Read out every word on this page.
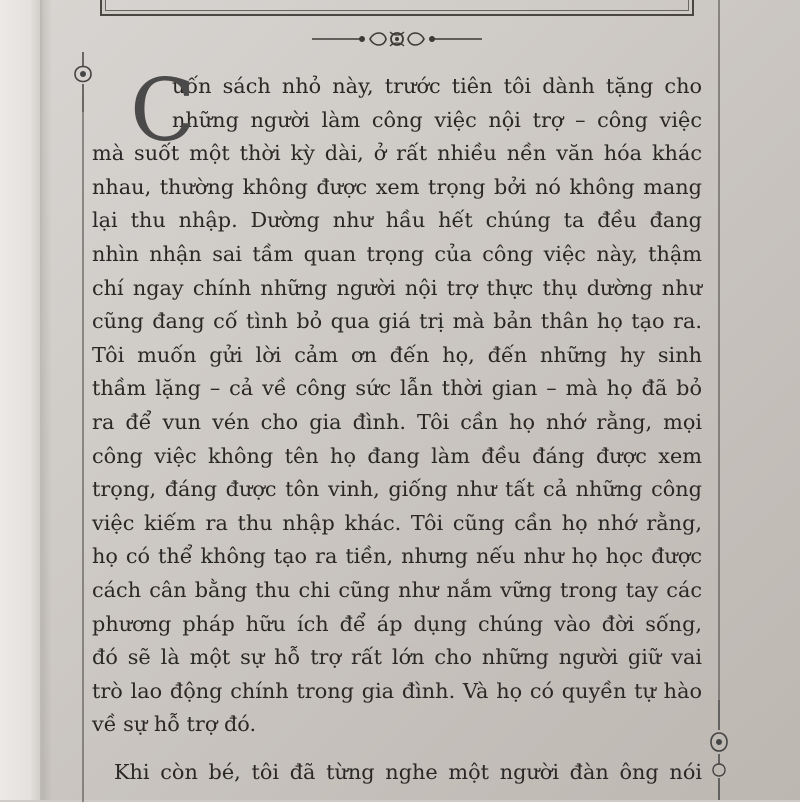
C
uốn sách nhỏ này, trước tiên tôi dành tặng cho
những người làm công việc nội trợ – công việc
mà suốt một thời kỳ dài, ở rất nhiều nền văn hóa khác
nhau, thường không được xem trọng bởi nó không mang
lại thu nhập. Dường như hầu hết chúng ta đều đang
nhìn nhận sai tầm quan trọng của công việc này, thậm
chí ngay chính những người nội trợ thực thụ dường như
cũng đang cố tình bỏ qua giá trị mà bản thân họ tạo ra.
Tôi muốn gửi lời cảm ơn đến họ, đến những hy sinh
thầm lặng – cả về công sức lẫn thời gian – mà họ đã bỏ
ra để vun vén cho gia đình. Tôi cần họ nhớ rằng, mọi
công việc không tên họ đang làm đều đáng được xem
trọng, đáng được tôn vinh, giống như tất cả những công
việc kiếm ra thu nhập khác. Tôi cũng cần họ nhớ rằng,
họ có thể không tạo ra tiền, nhưng nếu như họ học được
cách cân bằng thu chi cũng như nắm vững trong tay các
phương pháp hữu ích để áp dụng chúng vào đời sống,
đó sẽ là một sự hỗ trợ rất lớn cho những người giữ vai
trò lao động chính trong gia đình. Và họ có quyền tự hào
về sự hỗ trợ đó.
Khi còn bé, tôi đã từng nghe một người đàn ông nói
